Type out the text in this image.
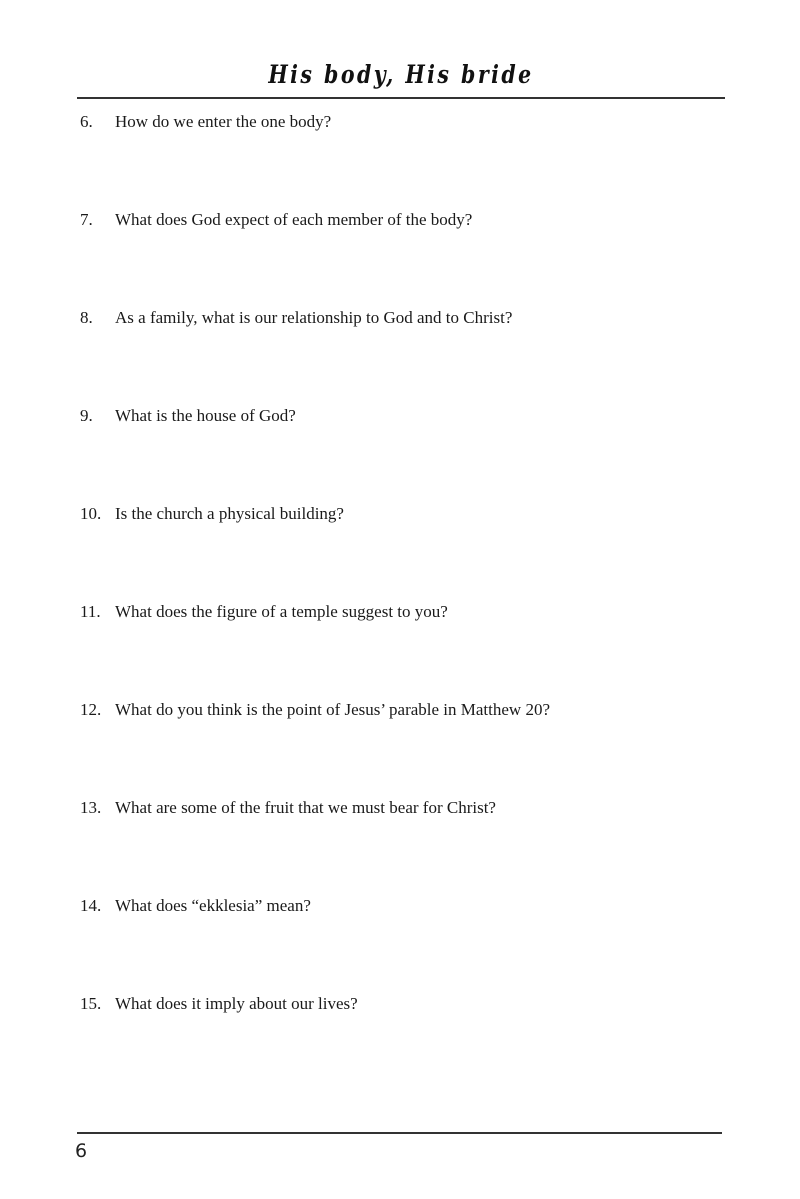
His body, His bride
6. How do we enter the one body?
7. What does God expect of each member of the body?
8. As a family, what is our relationship to God and to Christ?
9. What is the house of God?
10. Is the church a physical building?
11. What does the figure of a temple suggest to you?
12. What do you think is the point of Jesus’ parable in Matthew 20?
13. What are some of the fruit that we must bear for Christ?
14. What does “ekklesia” mean?
15. What does it imply about our lives?
6
